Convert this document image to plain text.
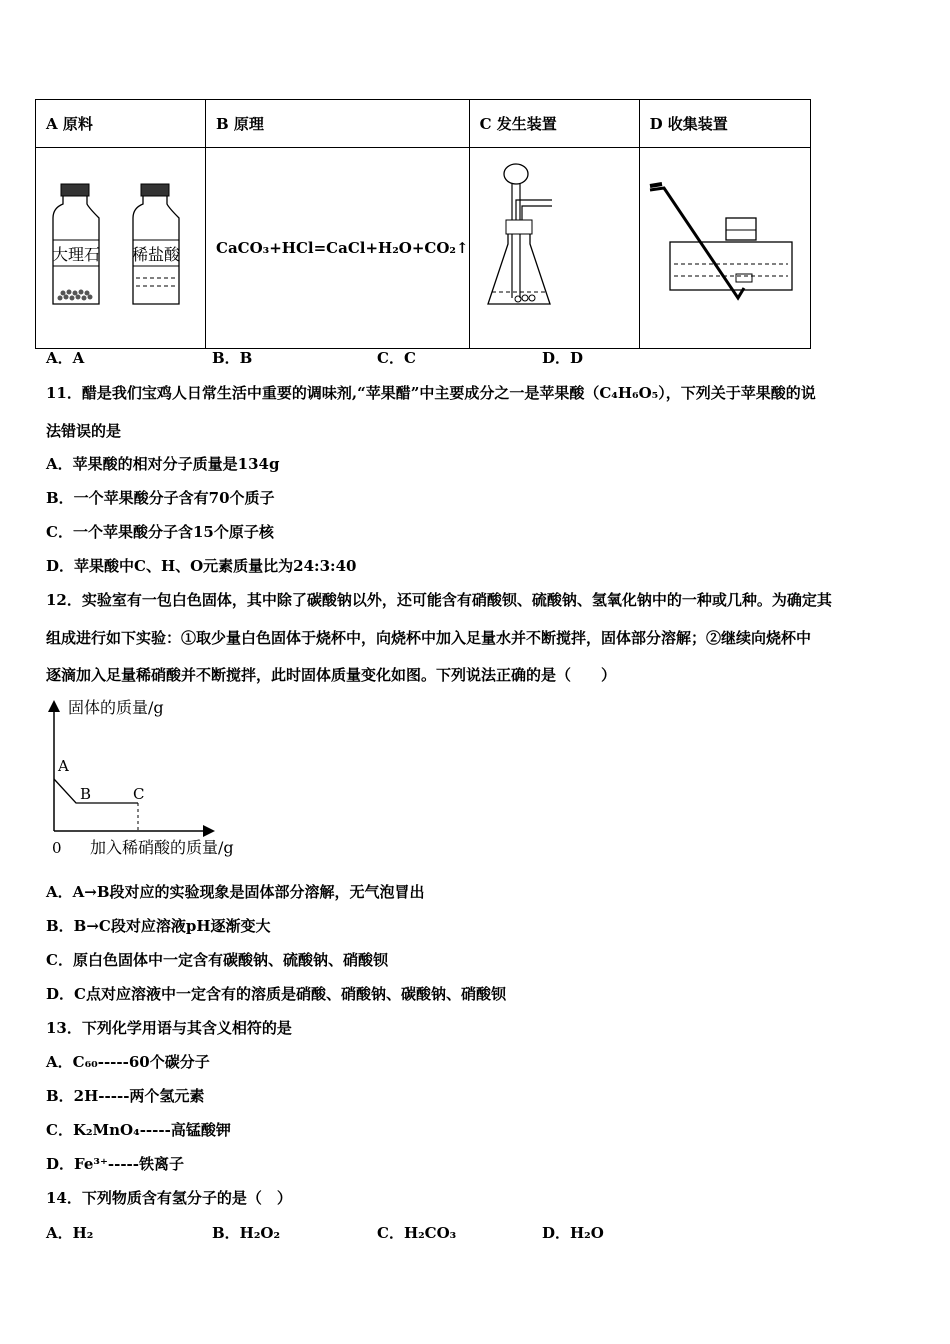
A 原料	B 原理	C 发生装置	D 收集装置

大理石 稀盐酸	CaCO₃+HCl=CaCl+H₂O+CO₂↑		
A．A	B．B	C．C	D．D
11．醋是我们宝鸡人日常生活中重要的调味剂,“苹果醋”中主要成分之一是苹果酸（C₄H₆O₅），下列关于苹果酸的说
法错误的是
A．苹果酸的相对分子质量是134g
B．一个苹果酸分子含有70个质子
C．一个苹果酸分子含15个原子核
D．苹果酸中C、H、O元素质量比为24:3:40
12．实验室有一包白色固体，其中除了碳酸钠以外，还可能含有硝酸钡、硫酸钠、氢氧化钠中的一种或几种。为确定其
组成进行如下实验：①取少量白色固体于烧杯中，向烧杯中加入足量水并不断搅拌，固体部分溶解；②继续向烧杯中
逐滴加入足量稀硝酸并不断搅拌，此时固体质量变化如图。下列说法正确的是（　　）
固体的质量/g
加入稀硝酸的质量/g
0
A
B	C
A．A→B段对应的实验现象是固体部分溶解，无气泡冒出
B．B→C段对应溶液pH逐渐变大
C．原白色固体中一定含有碳酸钠、硫酸钠、硝酸钡
D．C点对应溶液中一定含有的溶质是硝酸、硝酸钠、碳酸钠、硝酸钡
13．下列化学用语与其含义相符的是
A．C₆₀-----60个碳分子
B．2H-----两个氢元素
C．K₂MnO₄-----高锰酸钾
D．Fe³⁺-----铁离子
14．下列物质含有氢分子的是（　）
A．H₂	B．H₂O₂	C．H₂CO₃	D．H₂O
